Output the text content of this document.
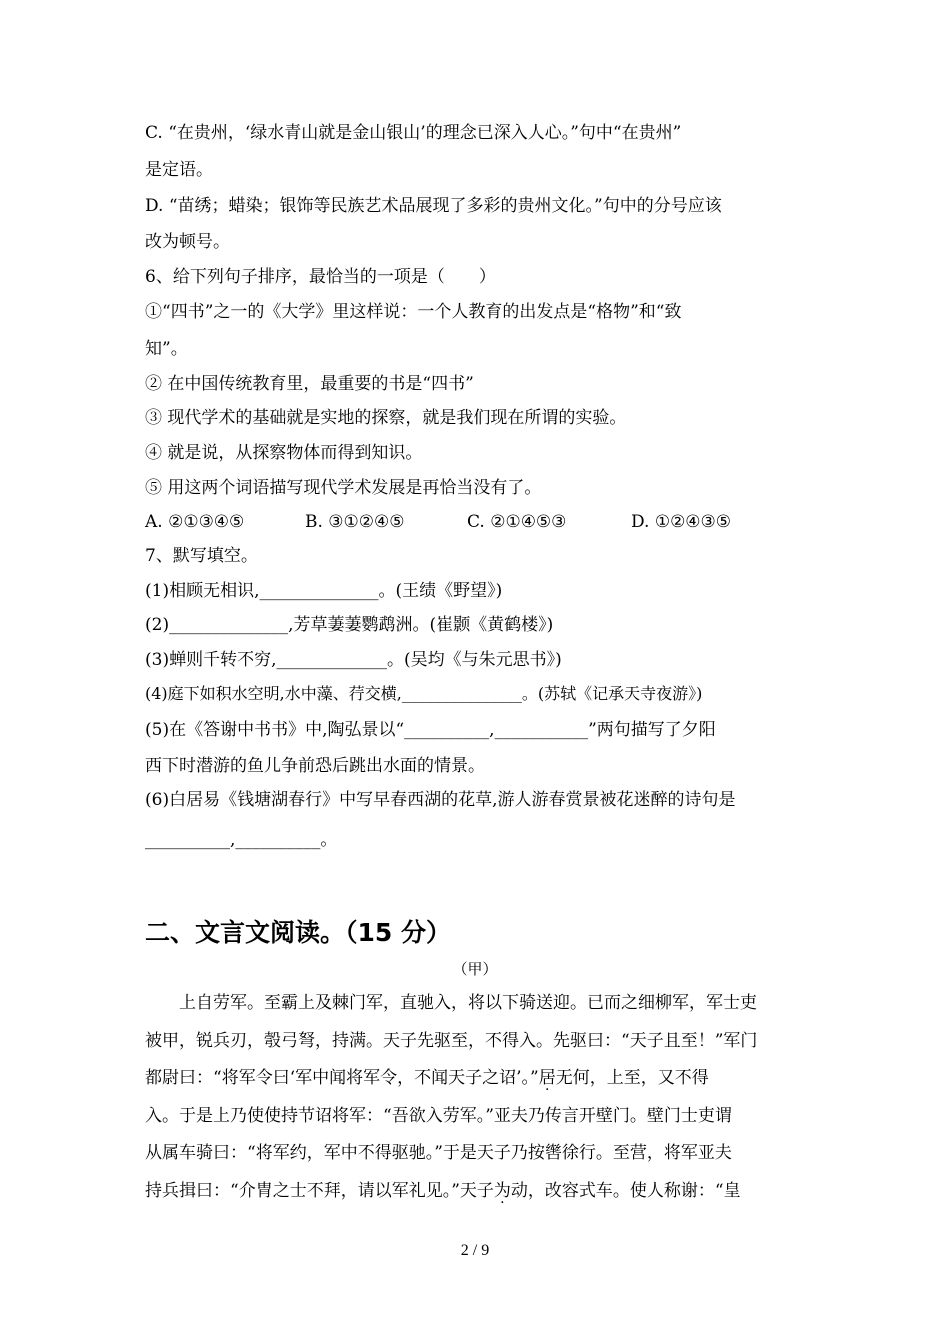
C. “在贵州，‘绿水青山就是金山银山’的理念已深入人心。”句中“在贵州”
是定语。
D. “苗绣；蜡染；银饰等民族艺术品展现了多彩的贵州文化。”句中的分号应该
改为顿号。
6、给下列句子排序，最恰当的一项是（　　）
①“四书”之一的《大学》里这样说：一个人教育的出发点是“格物”和“致
知”。
② 在中国传统教育里，最重要的书是“四书”
③ 现代学术的基础就是实地的探察，就是我们现在所谓的实验。
④ 就是说，从探察物体而得到知识。
⑤ 用这两个词语描写现代学术发展是再恰当没有了。
A. ②①③④⑤	B. ③①②④⑤	C. ②①④⑤③	D. ①②④③⑤
7、默写填空。
(1)相顾无相识,______________。(王绩《野望》)
(2)______________,芳草萋萋鹦鹉洲。(崔颢《黄鹤楼》)
(3)蝉则千转不穷,_____________。(吴均《与朱元思书》)
(4)庭下如积水空明,水中藻、荇交横,_______________。(苏轼《记承天寺夜游》)
(5)在《答谢中书书》中,陶弘景以“__________,___________”两句描写了夕阳
西下时潜游的鱼儿争前恐后跳出水面的情景。
(6)白居易《钱塘湖春行》中写早春西湖的花草,游人游春赏景被花迷醉的诗句是
__________,__________。
二、文言文阅读。（15 分）
（甲）
　　上自劳军。至霸上及棘门军，直驰入，将以下骑送迎。已而之细柳军，军士吏
被甲，锐兵刃，彀弓弩，持满。天子先驱至，不得入。先驱曰：“天子且至！”军门
都尉曰：“将军令曰‘军中闻将军令，不闻天子之诏’。”居无何，上至，又不得
入。于是上乃使使持节诏将军：“吾欲入劳军。”亚夫乃传言开壁门。壁门士吏谓
从属车骑曰：“将军约，军中不得驱驰。”于是天子乃按辔徐行。至营，将军亚夫
持兵揖曰：“介胄之士不拜，请以军礼见。”天子为动，改容式车。使人称谢：“皇
2 / 9
